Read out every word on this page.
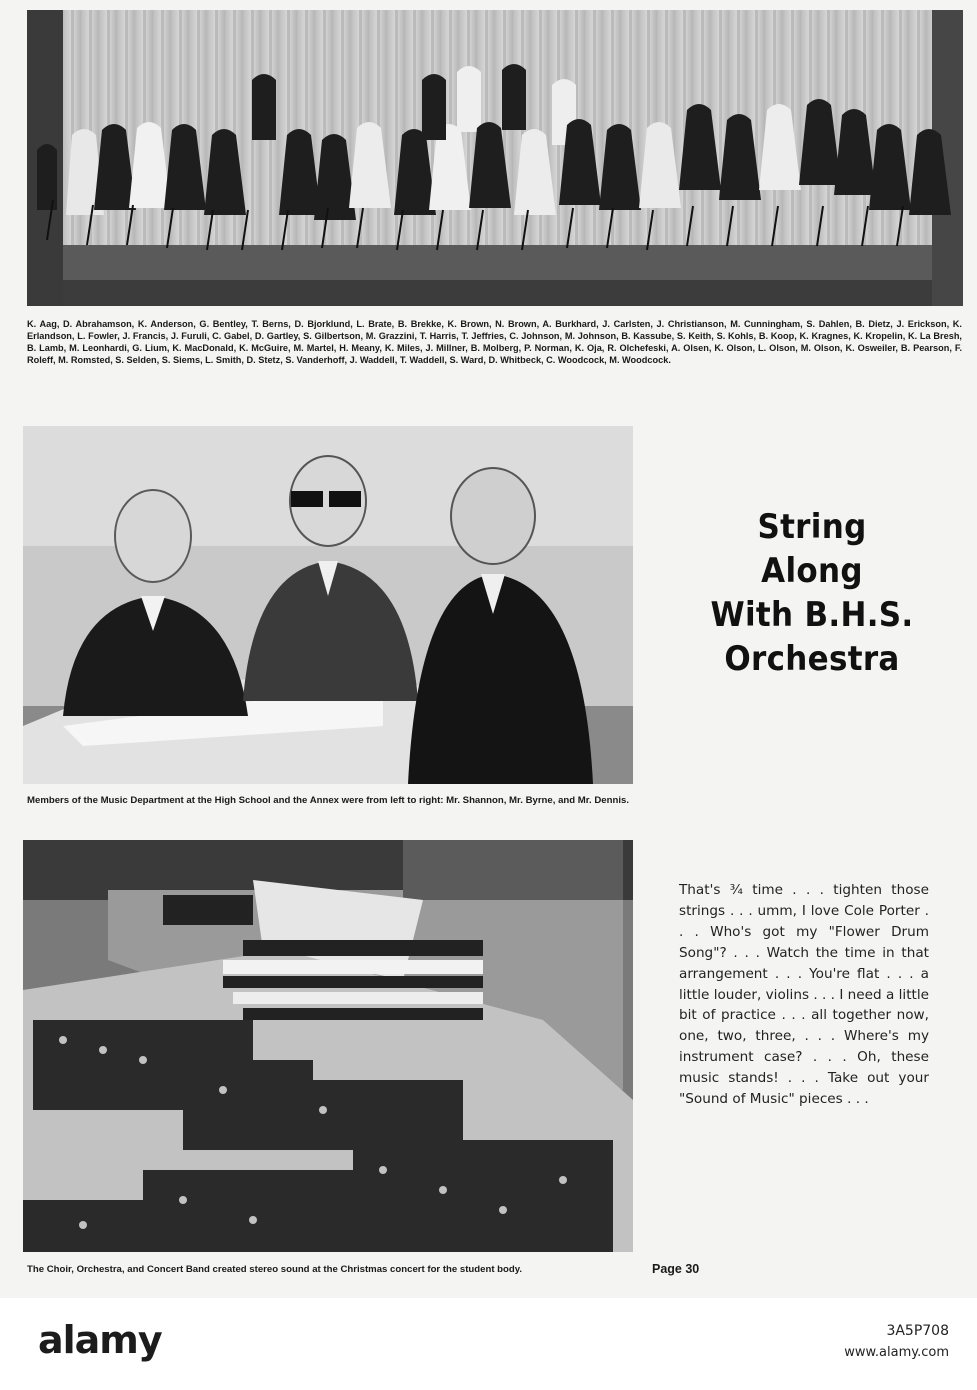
K. Aag, D. Abrahamson, K. Anderson, G. Bentley, T. Berns, D. Bjorklund, L. Brate, B. Brekke, K. Brown, N. Brown, A. Burkhard, J. Carlsten, J. Christianson, M. Cunningham, S. Dahlen, B. Dietz, J. Erickson, K. Erlandson, L. Fowler, J. Francis, J. Furuli, C. Gabel, D. Gartley, S. Gilbertson, M. Grazzini, T. Harris, T. Jeffries, C. Johnson, M. Johnson, B. Kassube, S. Keith, S. Kohls, B. Koop, K. Kragnes, K. Kropelin, K. La Bresh, B. Lamb, M. Leonhardi, G. Lium, K. MacDonald, K. McGuire, M. Martel, H. Meany, K. Miles, J. Millner, B. Molberg, P. Norman, K. Oja, R. Olchefeski, A. Olsen, K. Olson, L. Olson, M. Olson, K. Osweiler, B. Pearson, F. Roleff, M. Romsted, S. Selden, S. Siems, L. Smith, D. Stetz, S. Vanderhoff, J. Waddell, T. Waddell, S. Ward, D. Whitbeck, C. Woodcock, M. Woodcock.
Members of the Music Department at the High School and the Annex were from left to right: Mr. Shannon, Mr. Byrne, and Mr. Dennis.
The Choir, Orchestra, and Concert Band created stereo sound at the Christmas concert for the student body.	Page 30
String
Along
With B.H.S.
Orchestra
That's ¾ time . . . tighten those strings . . . umm, I love Cole Porter . . . Who's got my "Flower Drum Song"? . . . Watch the time in that arrangement . . . You're flat . . . a little louder, violins . . . I need a little bit of practice . . . all together now, one, two, three, . . . Where's my instrument case? . . . Oh, these music stands! . . . Take out your "Sound of Music" pieces . . .
alamy	3A5P708
www.alamy.com
